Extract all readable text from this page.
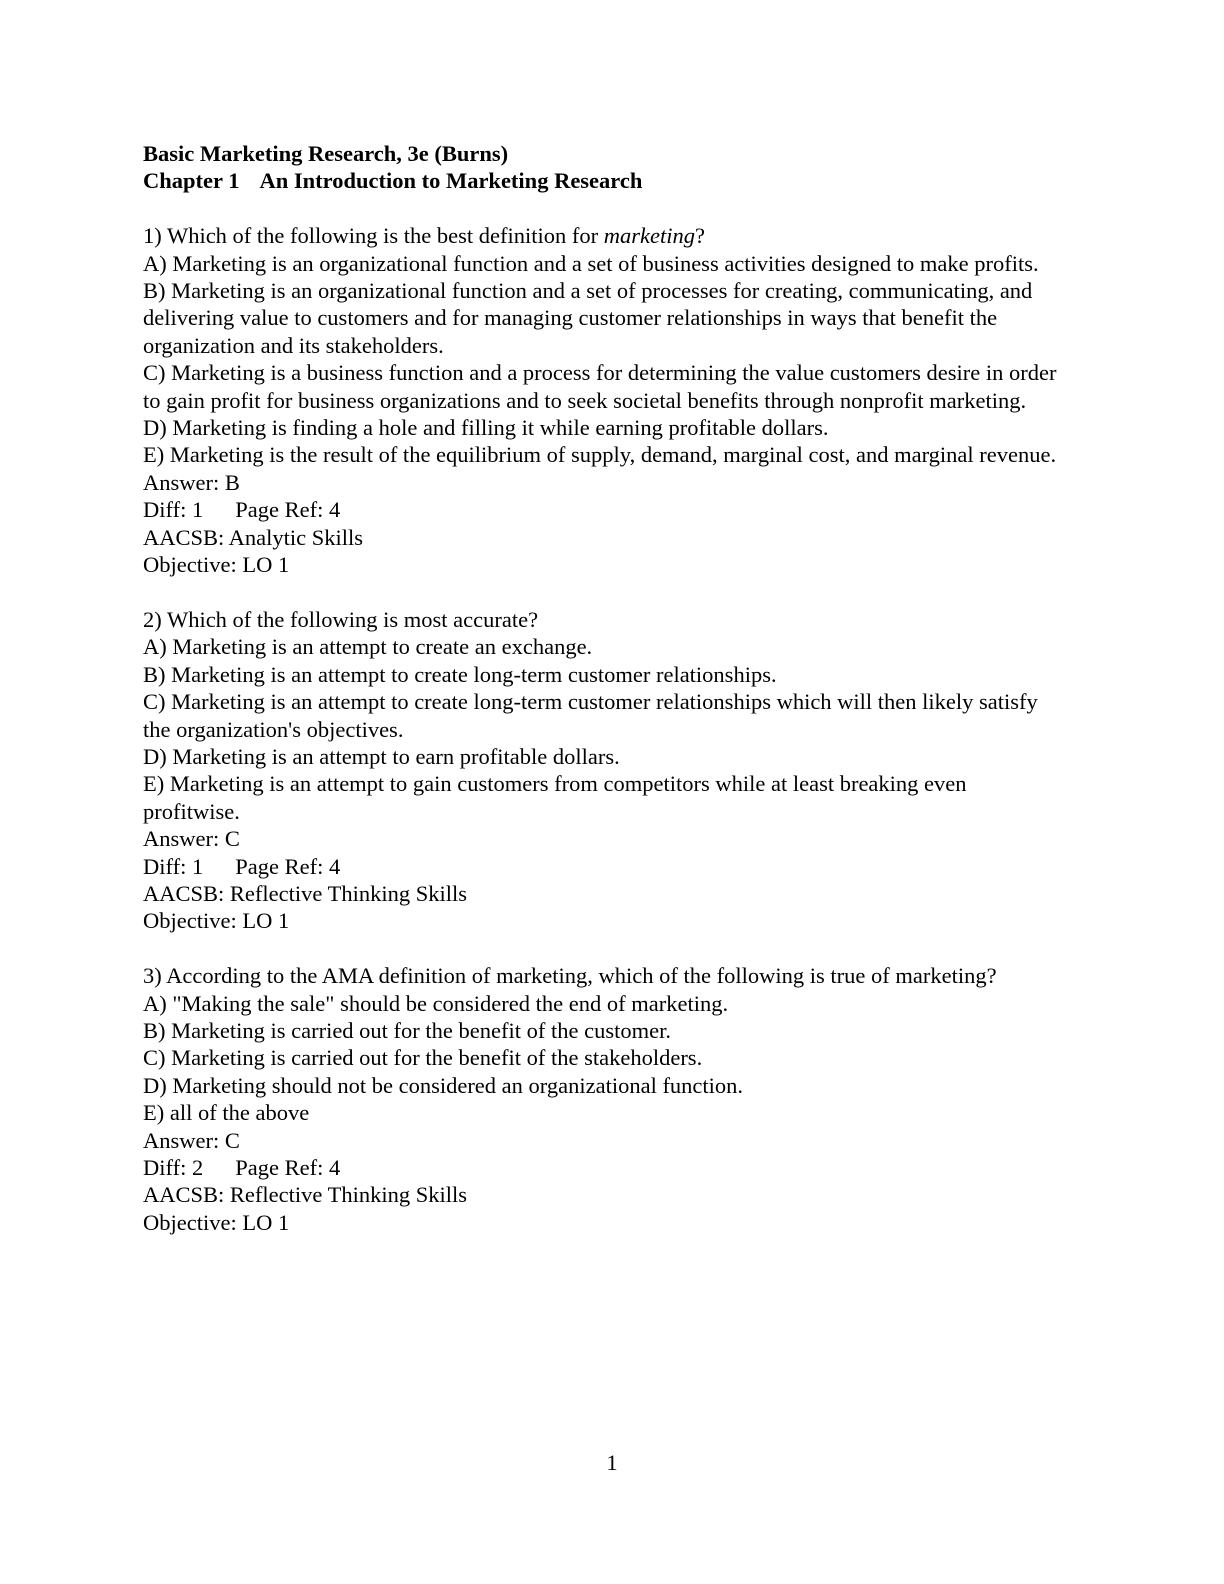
Basic Marketing Research, 3e (Burns)

Chapter 1 An Introduction to Marketing Research

1) Which of the following is the best definition for marketing?

A) Marketing is an organizational function and a set of business activities designed to make profits.

B) Marketing is an organizational function and a set of processes for creating, communicating, and delivering value to customers and for managing customer relationships in ways that benefit the organization and its stakeholders.

C) Marketing is a business function and a process for determining the value customers desire in order to gain profit for business organizations and to seek societal benefits through nonprofit marketing.

D) Marketing is finding a hole and filling it while earning profitable dollars.

E) Marketing is the result of the equilibrium of supply, demand, marginal cost, and marginal revenue.

Answer: B

Diff: 1 Page Ref: 4

AACSB: Analytic Skills

Objective: LO 1

2) Which of the following is most accurate?

A) Marketing is an attempt to create an exchange.

B) Marketing is an attempt to create long-term customer relationships.

C) Marketing is an attempt to create long-term customer relationships which will then likely satisfy the organization's objectives.

D) Marketing is an attempt to earn profitable dollars.

E) Marketing is an attempt to gain customers from competitors while at least breaking even profitwise.

Answer: C

Diff: 1 Page Ref: 4

AACSB: Reflective Thinking Skills

Objective: LO 1

3) According to the AMA definition of marketing, which of the following is true of marketing?

A) "Making the sale" should be considered the end of marketing.

B) Marketing is carried out for the benefit of the customer.

C) Marketing is carried out for the benefit of the stakeholders.

D) Marketing should not be considered an organizational function.

E) all of the above

Answer: C

Diff: 2 Page Ref: 4

AACSB: Reflective Thinking Skills

Objective: LO 1

1
